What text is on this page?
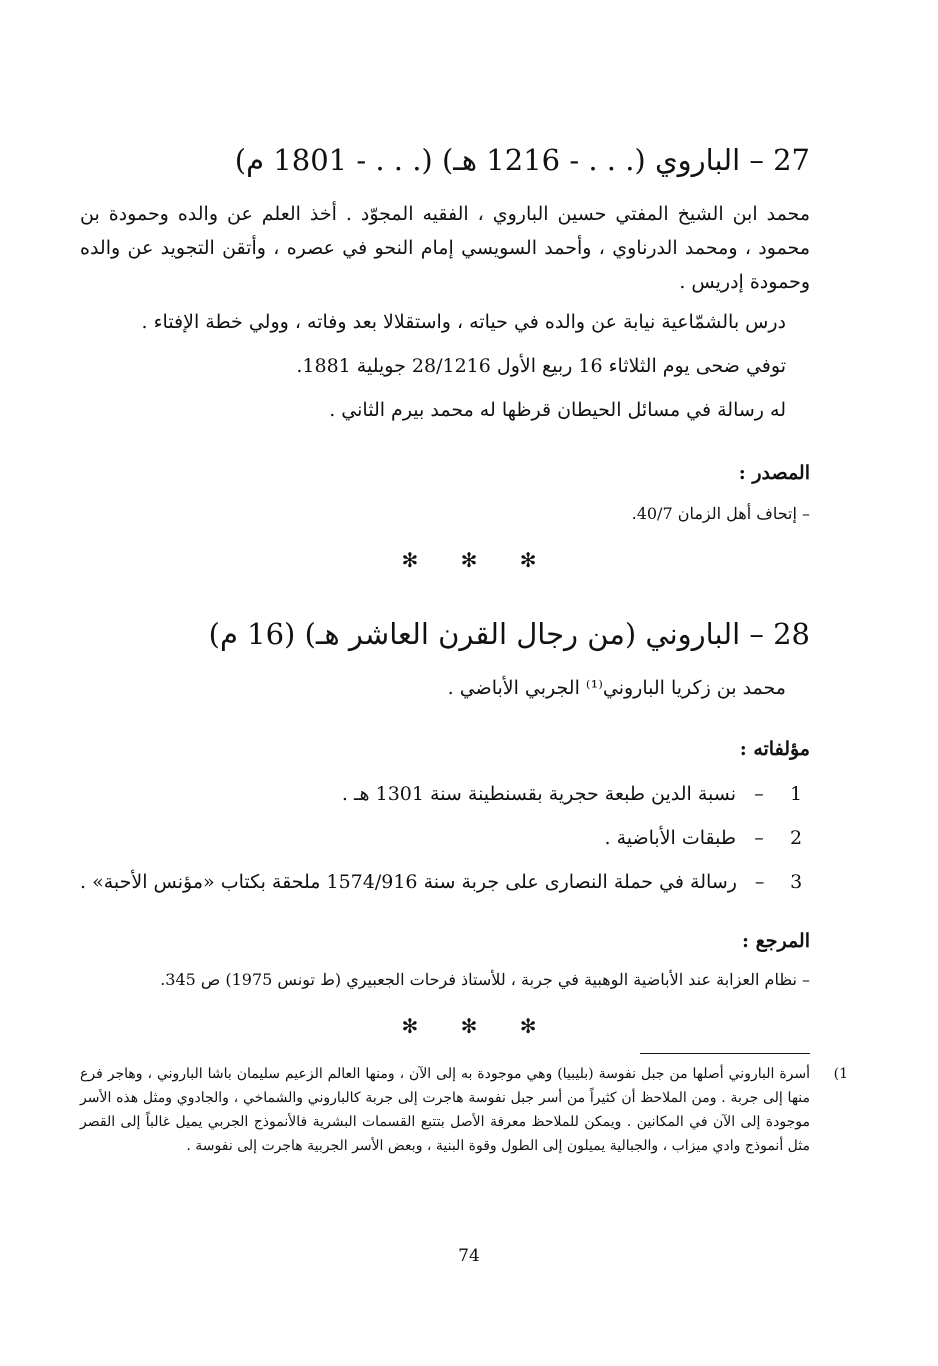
27 – الباروي (. . . - 1216 هـ) (. . . - 1801 م)
محمد ابن الشيخ المفتي حسين الباروي ، الفقيه المجوّد . أخذ العلم عن والده وحمودة بن محمود ، ومحمد الدرناوي ، وأحمد السويسي إمام النحو في عصره ، وأتقن التجويد عن والده وحمودة إدريس .
درس بالشمّاعية نيابة عن والده في حياته ، واستقلالا بعد وفاته ، وولي خطة الإفتاء .
توفي ضحى يوم الثلاثاء 16 ربيع الأول 28/1216 جويلية 1881.
له رسالة في مسائل الحيطان قرظها له محمد بيرم الثاني .
المصدر :
– إتحاف أهل الزمان 40/7.
✻ ✻ ✻
28 – الباروني (من رجال القرن العاشر هـ) (16 م)
محمد بن زكريا الباروني⁽¹⁾ الجربي الأباضي .
مؤلفاته :
1
–
نسبة الدين طبعة حجرية بقسنطينة سنة 1301 هـ .
2
–
طبقات الأباضية .
3
–
رسالة في حملة النصارى على جربة سنة 1574/916 ملحقة بكتاب «مؤنس الأحبة» .
المرجع :
– نظام العزابة عند الأباضية الوهبية في جربة ، للأستاذ فرحات الجعبيري (ط تونس 1975) ص 345.
✻ ✻ ✻
1)
أسرة الباروني أصلها من جبل نفوسة (بليبيا) وهي موجودة به إلى الآن ، ومنها العالم الزعيم سليمان باشا الباروني ، وهاجر فرع منها إلى جربة . ومن الملاحظ أن كثيراً من أسر جبل نفوسة هاجرت إلى جربة كالباروني والشماخي ، والجادوي ومثل هذه الأسر موجودة إلى الآن في المكانين . ويمكن للملاحظ معرفة الأصل بتتبع القسمات البشرية فالأنموذج الجربي يميل غالباً إلى القصر مثل أنموذج وادي ميزاب ، والجبالية يميلون إلى الطول وقوة البنية ، وبعض الأسر الجربية هاجرت إلى نفوسة .
74
